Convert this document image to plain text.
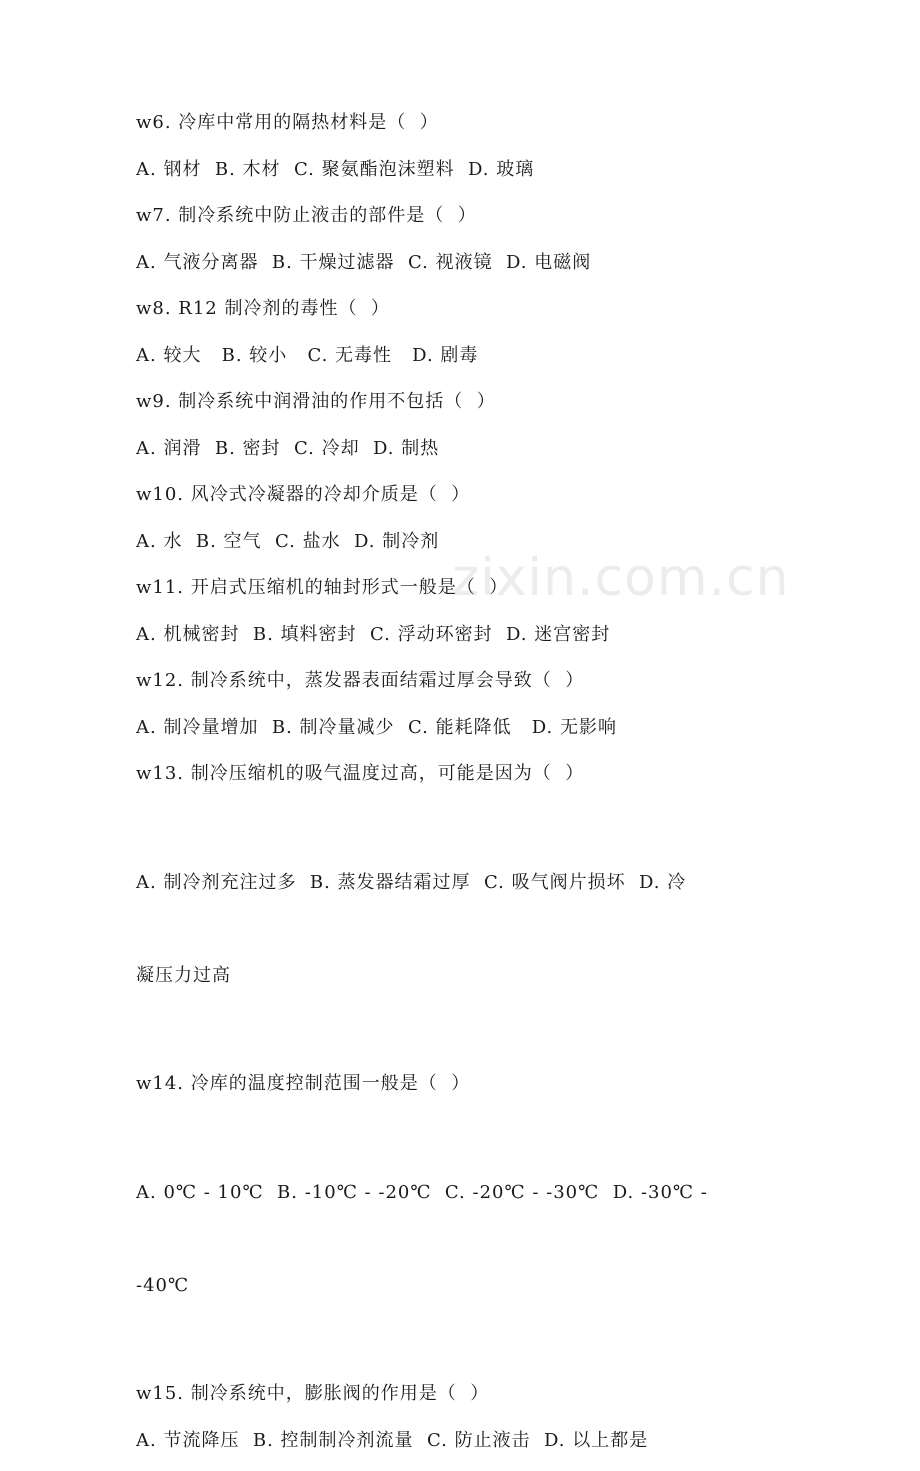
zixin.com.cn
w6. 冷库中常用的隔热材料是（  ）
A. 钢材  B. 木材  C. 聚氨酯泡沫塑料  D. 玻璃
w7. 制冷系统中防止液击的部件是（  ）
A. 气液分离器  B. 干燥过滤器  C. 视液镜  D. 电磁阀
w8. R12 制冷剂的毒性（  ）
A. 较大   B. 较小   C. 无毒性   D. 剧毒
w9. 制冷系统中润滑油的作用不包括（  ）
A. 润滑  B. 密封  C. 冷却  D. 制热
w10. 风冷式冷凝器的冷却介质是（  ）
A. 水  B. 空气  C. 盐水  D. 制冷剂
w11. 开启式压缩机的轴封形式一般是（  ）
A. 机械密封  B. 填料密封  C. 浮动环密封  D. 迷宫密封
w12. 制冷系统中，蒸发器表面结霜过厚会导致（  ）
A. 制冷量增加  B. 制冷量减少  C. 能耗降低   D. 无影响
w13. 制冷压缩机的吸气温度过高，可能是因为（  ）

A. 制冷剂充注过多  B. 蒸发器结霜过厚  C. 吸气阀片损坏  D. 冷

凝压力过高

w14. 冷库的温度控制范围一般是（  ）

A. 0℃ - 10℃  B. -10℃ - -20℃  C. -20℃ - -30℃  D. -30℃ -

-40℃

w15. 制冷系统中，膨胀阀的作用是（  ）
A. 节流降压  B. 控制制冷剂流量  C. 防止液击  D. 以上都是
